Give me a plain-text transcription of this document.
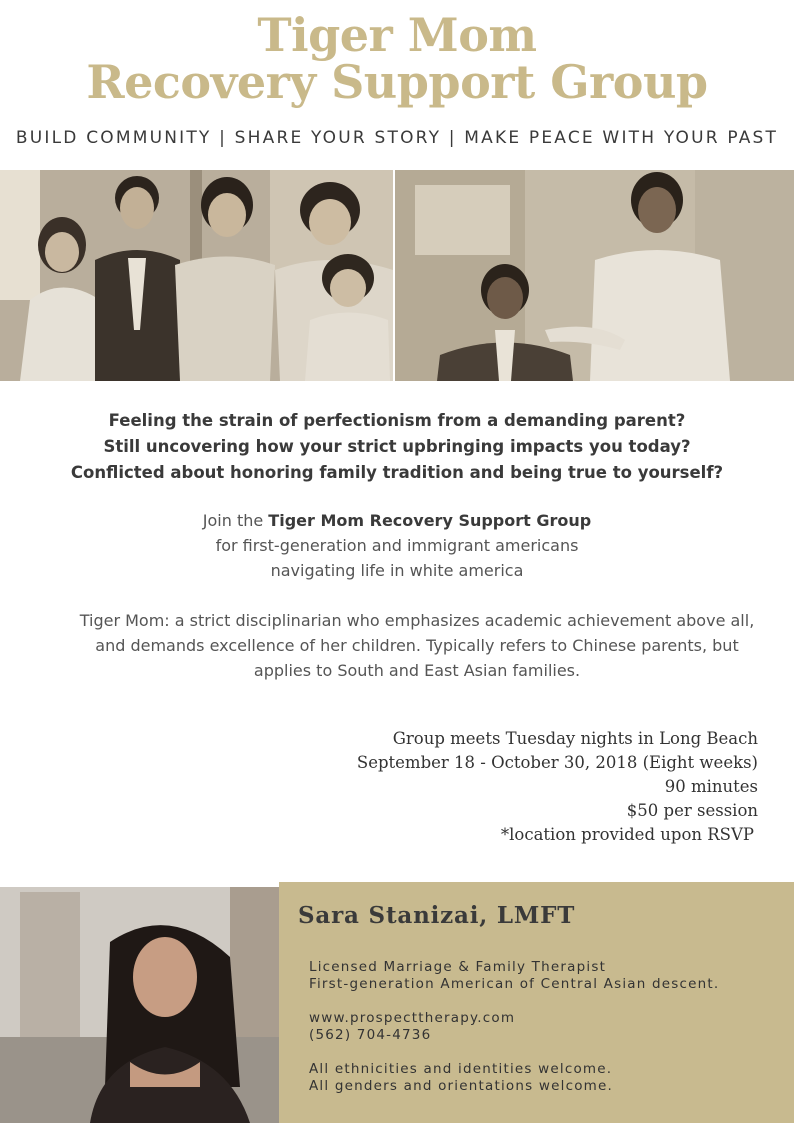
Tiger Mom
Recovery Support Group
BUILD COMMUNITY | SHARE YOUR STORY | MAKE PEACE WITH YOUR PAST
Feeling the strain of perfectionism from a demanding parent?
Still uncovering how your strict upbringing impacts you today?
Conflicted about honoring family tradition and being true to yourself?
Join the Tiger Mom Recovery Support Group
for first-generation and immigrant americans
navigating life in white america
Tiger Mom: a strict disciplinarian who emphasizes academic achievement above all,
and demands excellence of her children. Typically refers to Chinese parents, but
applies to South and East Asian families.
Group meets Tuesday nights in Long Beach
September 18 - October 30, 2018 (Eight weeks)
90 minutes
$50 per session
*location provided upon RSVP
Sara Stanizai, LMFT
Licensed Marriage & Family Therapist
First-generation American of Central Asian descent.
www.prospecttherapy.com
(562) 704-4736
All ethnicities and identities welcome.
All genders and orientations welcome.
